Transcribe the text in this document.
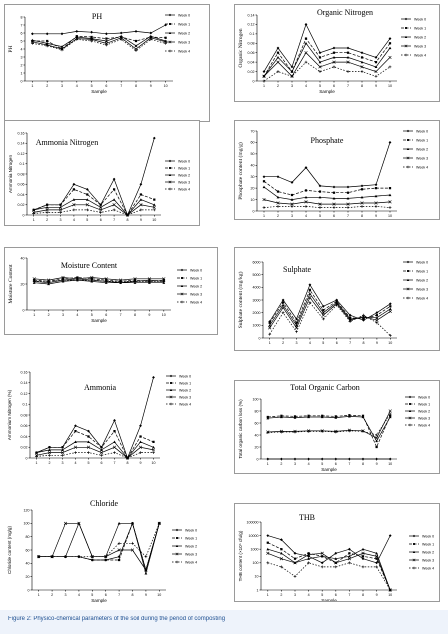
0
1
2
3
4
5
6
7
8
1	2	3	4	5	6	7	8	9	10
PH
Sample
PH
Week 0
Week 1
Week 2
Week 3
Week 4
0
0.02
0.04
0.06
0.08
0.1
0.12
0.14
1	2	3	4	5	6	7	8	9	10
Organic Nitrogen
Sample
Organic Nitrogen
Week 0
Week 1
Week 2
Week 3
Week 4
0
0.02
0.04
0.06
0.08
0.1
0.12
0.14
0.16
1	2	3	4	5	6	7	8	9	10
Ammonia Nitrogen
Ammonia Nitrogen	Week 0
Week 1
Week 2
Week 3
Week 4
0
10
20
30
40
50
60
70
1	2	3	4	5	6	7	8	9	10
Phosphate
Phosphate content (mg/g)
Week 0
Week 1
Week 2
Week 3
Week 4
0
20
40
1	2	3	4	5	6	7	8	9	10
Moisture Content
Sample
Moisture Content	Week 0
Week 1
Week 2
Week 3
Week 4
0
1000
2000
3000
4000
5000
6000
1	2	3	4	5	6	7	8	9	10
Sulphate
Sulphate content (mg/kg)
Week 0
Week 1
Week 2
Week 3
Week 4
0
0.02
0.04
0.06
0.08
0.1
0.12
0.14
0.16
1	2	3	4	5	6	7	8	9	10
Ammonia
Ammonium Nitrogen (%)
Week 0
Week 1
Week 2
Week 3
Week 4
0
20
40
60
80
100
1	2	3	4	5	6	7	8	9	10
Total Organic Carbon
Sample
Total organic carbon loss (%)
Week 0
Week 1
Week 2
Week 3
Week 4
0
20
40
60
80
100
120
1	2	3	4	5	6	7	8	9	10
Chloride
Sample
Chloride content (mg/g)	Week 0
Week 1
Week 2
Week 3
Week 4
1
10
100
1000
10000
100000
1	2	3	4	5	6	7	8	9	10
THB
Sample
THB content (×10⁶ cfu/g)	Week 0
Week 1
Week 2
Week 3
Week 4
Figure 2: Physico-chemical parameters of the soil during the period of composting
